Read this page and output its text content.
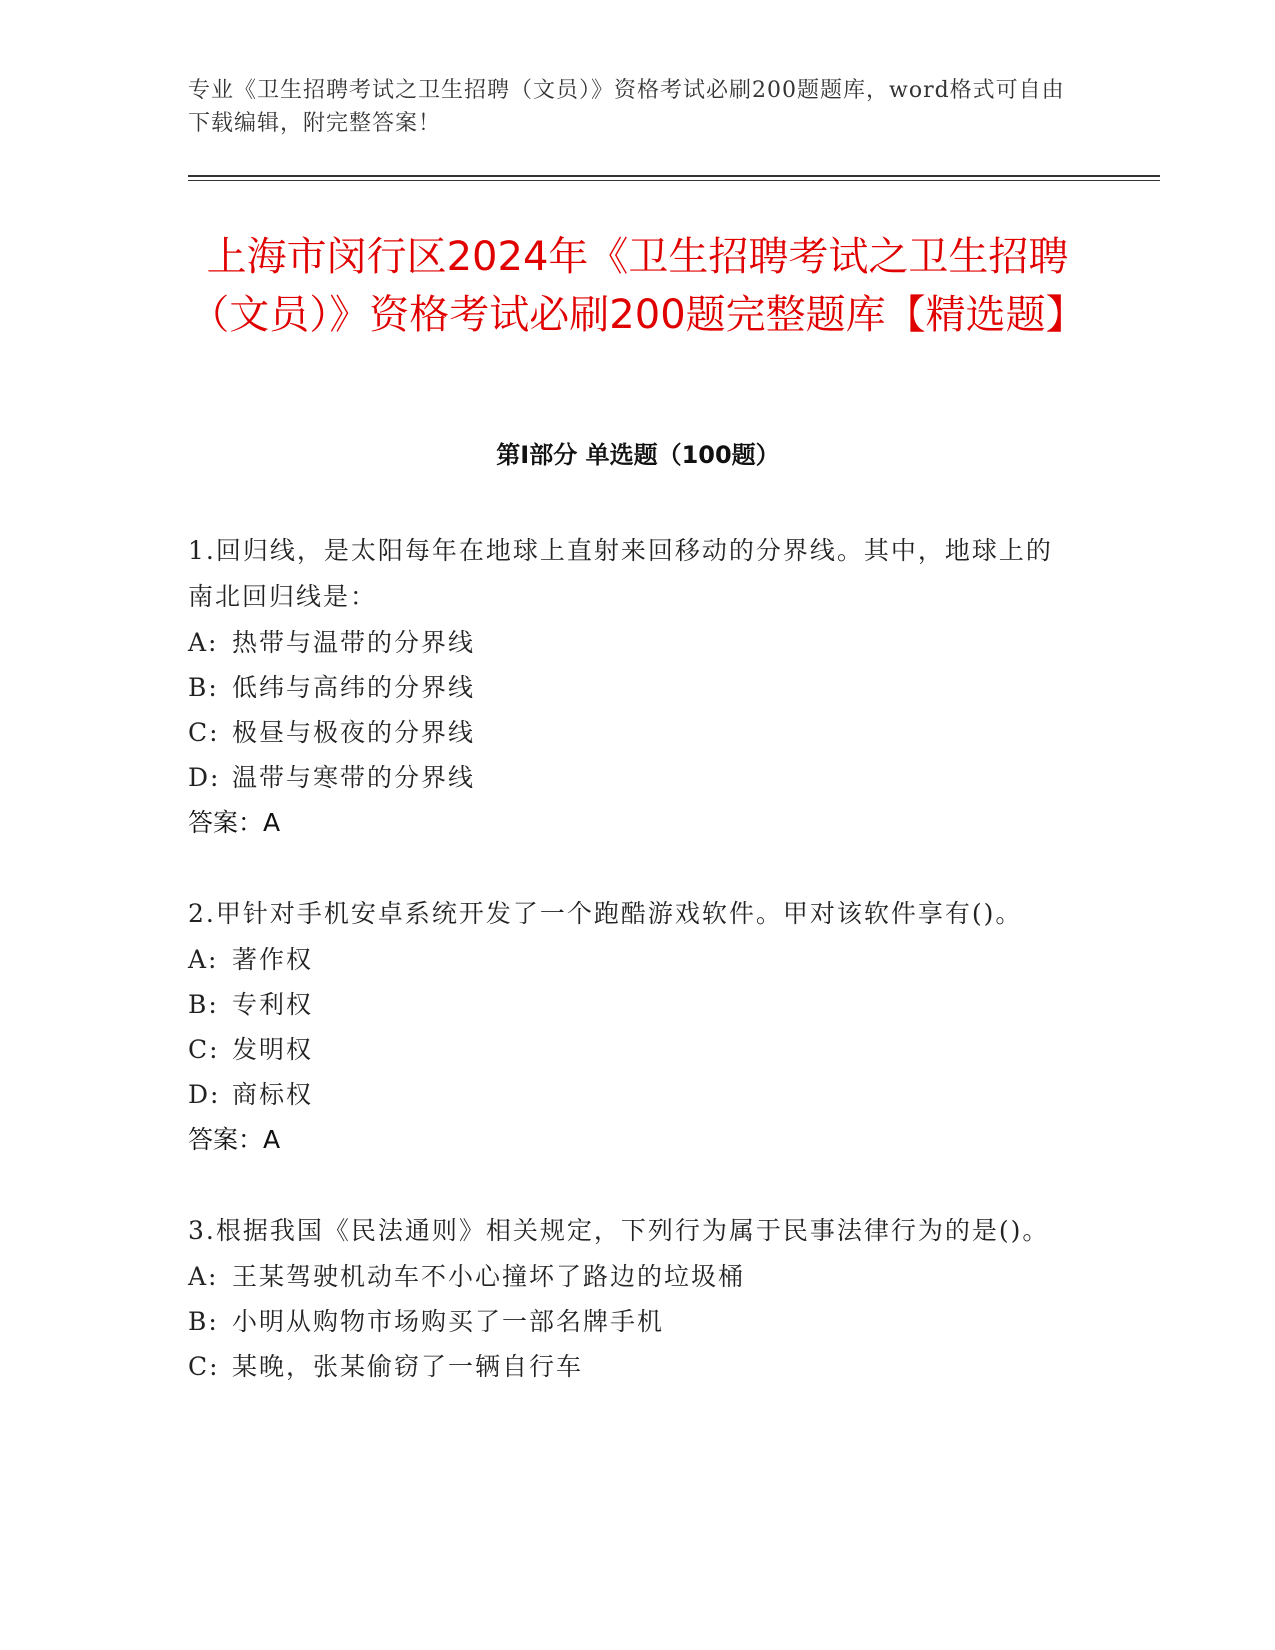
专业《卫生招聘考试之卫生招聘（文员）》资格考试必刷200题题库，word格式可自由下载编辑，附完整答案！
上海市闵行区2024年《卫生招聘考试之卫生招聘（文员）》资格考试必刷200题完整题库【精选题】
第I部分 单选题（100题）

1.回归线，是太阳每年在地球上直射来回移动的分界线。其中，地球上的南北回归线是：

A: 热带与温带的分界线

B: 低纬与高纬的分界线

C: 极昼与极夜的分界线

D: 温带与寒带的分界线

答案：A

2.甲针对手机安卓系统开发了一个跑酷游戏软件。甲对该软件享有()。

A: 著作权

B: 专利权

C: 发明权

D: 商标权

答案：A

3.根据我国《民法通则》相关规定，下列行为属于民事法律行为的是()。

A: 王某驾驶机动车不小心撞坏了路边的垃圾桶

B: 小明从购物市场购买了一部名牌手机

C: 某晚，张某偷窃了一辆自行车
